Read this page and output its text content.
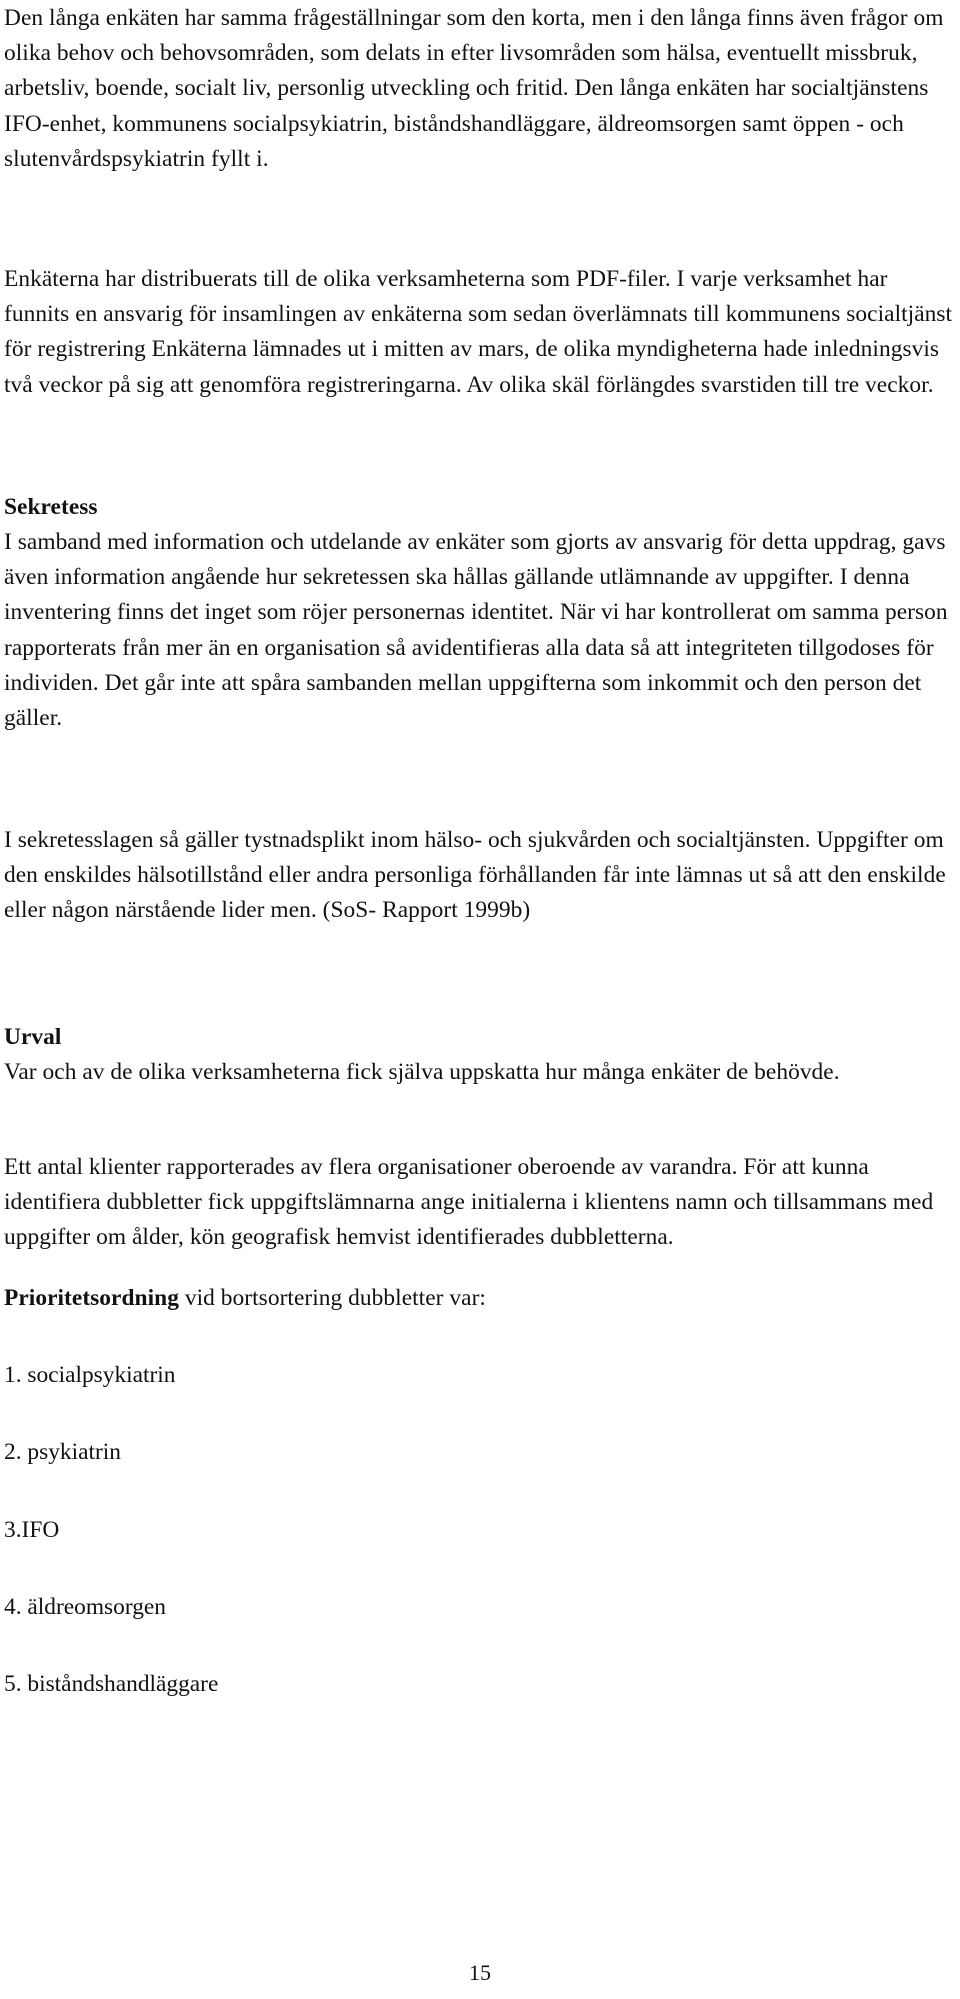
Den långa enkäten har samma frågeställningar som den korta, men i den långa finns även frågor om olika behov och behovsområden, som delats in efter livsområden som hälsa, eventuellt missbruk, arbetsliv, boende, socialt liv, personlig utveckling och fritid. Den långa enkäten har socialtjänstens IFO-enhet, kommunens socialpsykiatrin, biståndshandläggare, äldreomsorgen samt öppen - och slutenvårdspsykiatrin fyllt i.

Enkäterna har distribuerats till de olika verksamheterna som PDF-filer. I varje verksamhet har funnits en ansvarig för insamlingen av enkäterna som sedan överlämnats till kommunens socialtjänst för registrering Enkäterna lämnades ut i mitten av mars, de olika myndigheterna hade inledningsvis två veckor på sig att genomföra registreringarna. Av olika skäl förlängdes svarstiden till tre veckor.

Sekretess

I samband med information och utdelande av enkäter som gjorts av ansvarig för detta uppdrag, gavs även information angående hur sekretessen ska hållas gällande utlämnande av uppgifter. I denna inventering finns det inget som röjer personernas identitet. När vi har kontrollerat om samma person rapporterats från mer än en organisation så avidentifieras alla data så att integriteten tillgodoses för individen. Det går inte att spåra sambanden mellan uppgifterna som inkommit och den person det gäller.

I sekretesslagen så gäller tystnadsplikt inom hälso- och sjukvården och socialtjänsten. Uppgifter om den enskildes hälsotillstånd eller andra personliga förhållanden får inte lämnas ut så att den enskilde eller någon närstående lider men. (SoS- Rapport 1999b)

Urval

Var och av de olika verksamheterna fick själva uppskatta hur många enkäter de behövde.

Ett antal klienter rapporterades av flera organisationer oberoende av varandra. För att kunna identifiera dubbletter fick uppgiftslämnarna ange initialerna i klientens namn och tillsammans med uppgifter om ålder, kön geografisk hemvist identifierades dubbletterna.

Prioritetsordning vid bortsortering dubbletter var:

1. socialpsykiatrin
2. psykiatrin
3.IFO
4. äldreomsorgen
5. biståndshandläggare
15
